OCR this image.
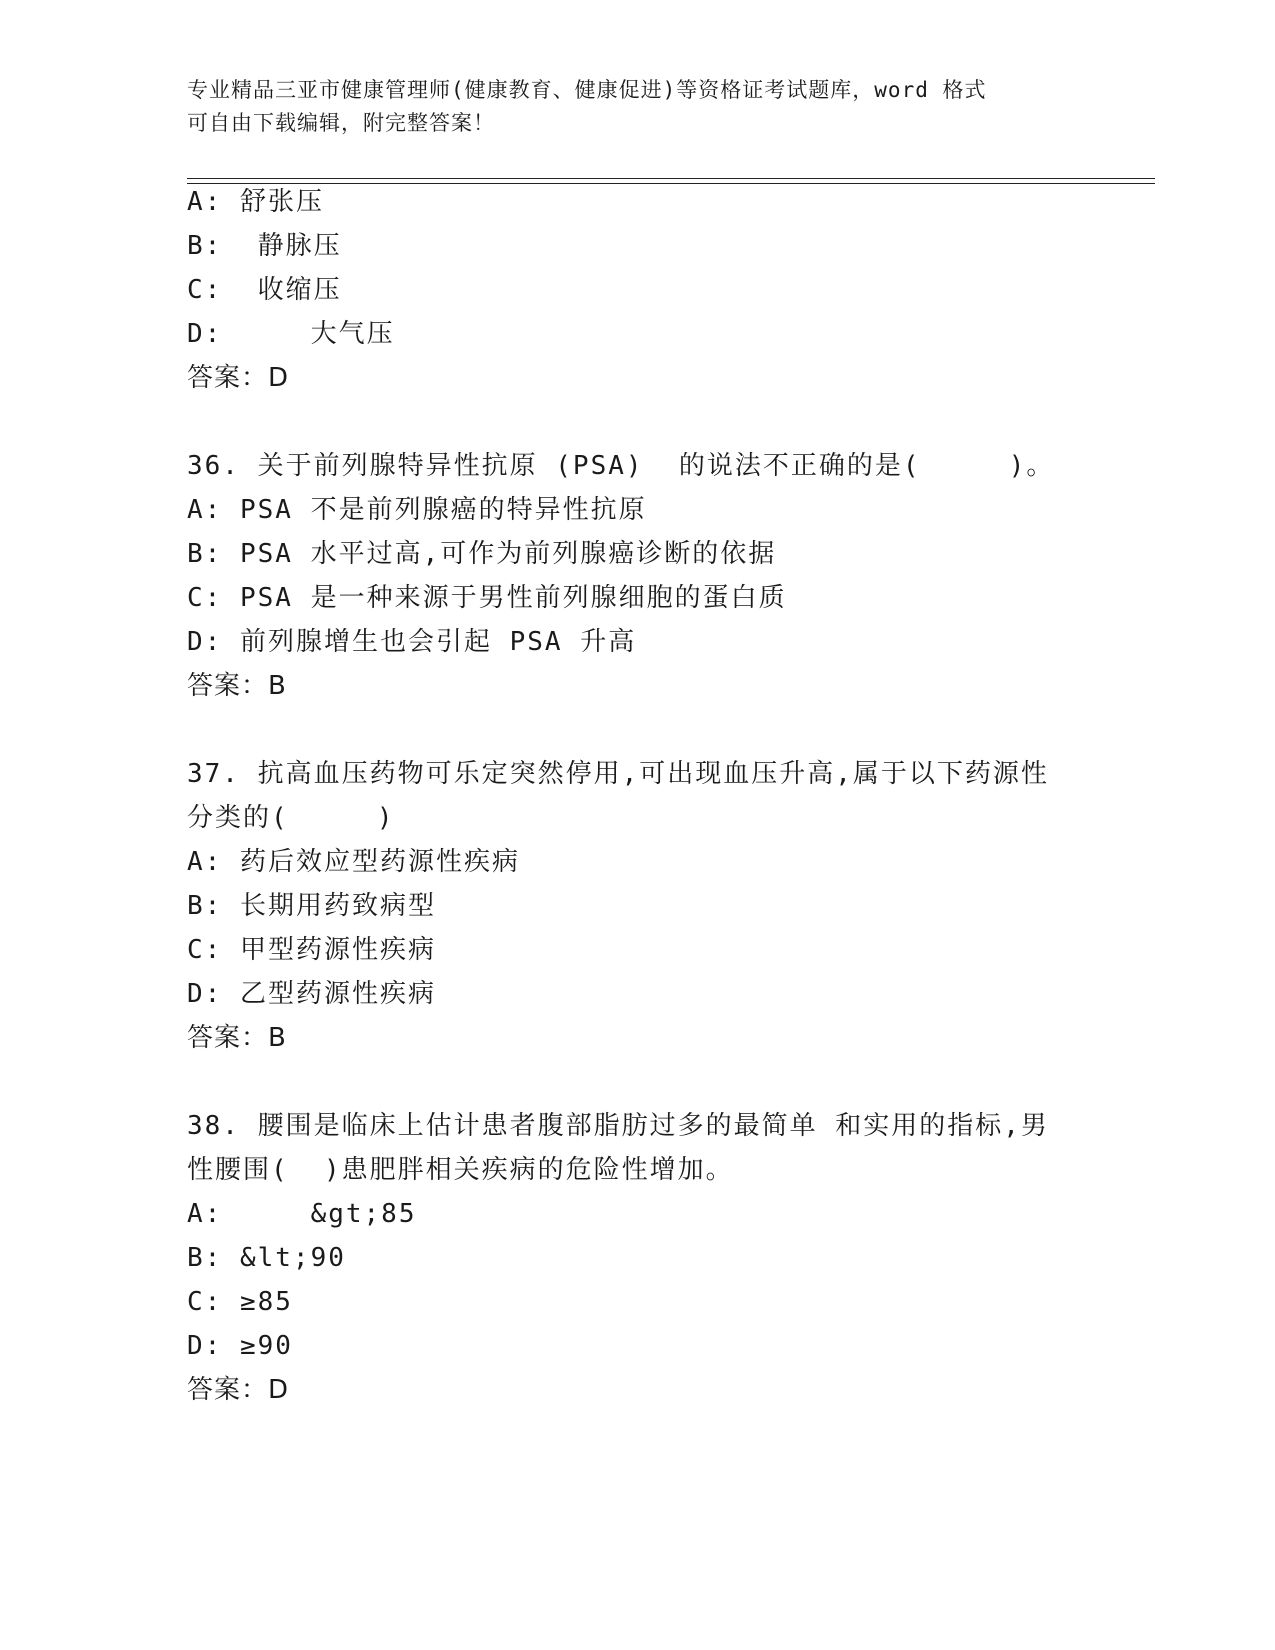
专业精品三亚市健康管理师(健康教育、健康促进)等资格证考试题库，word 格式
可自由下载编辑，附完整答案！
A: 舒张压
B:  静脉压
C:  收缩压
D:     大气压
答案：D
36. 关于前列腺特异性抗原 (PSA)  的说法不正确的是(     )。
A: PSA 不是前列腺癌的特异性抗原
B: PSA 水平过高,可作为前列腺癌诊断的依据
C: PSA 是一种来源于男性前列腺细胞的蛋白质
D: 前列腺增生也会引起 PSA 升高
答案：B
37. 抗高血压药物可乐定突然停用,可出现血压升高,属于以下药源性
分类的(     )
A: 药后效应型药源性疾病
B: 长期用药致病型
C: 甲型药源性疾病
D: 乙型药源性疾病
答案：B
38. 腰围是临床上估计患者腹部脂肪过多的最简单 和实用的指标,男
性腰围(  )患肥胖相关疾病的危险性增加。
A:     &gt;85
B: &lt;90
C: ≥85
D: ≥90
答案：D
